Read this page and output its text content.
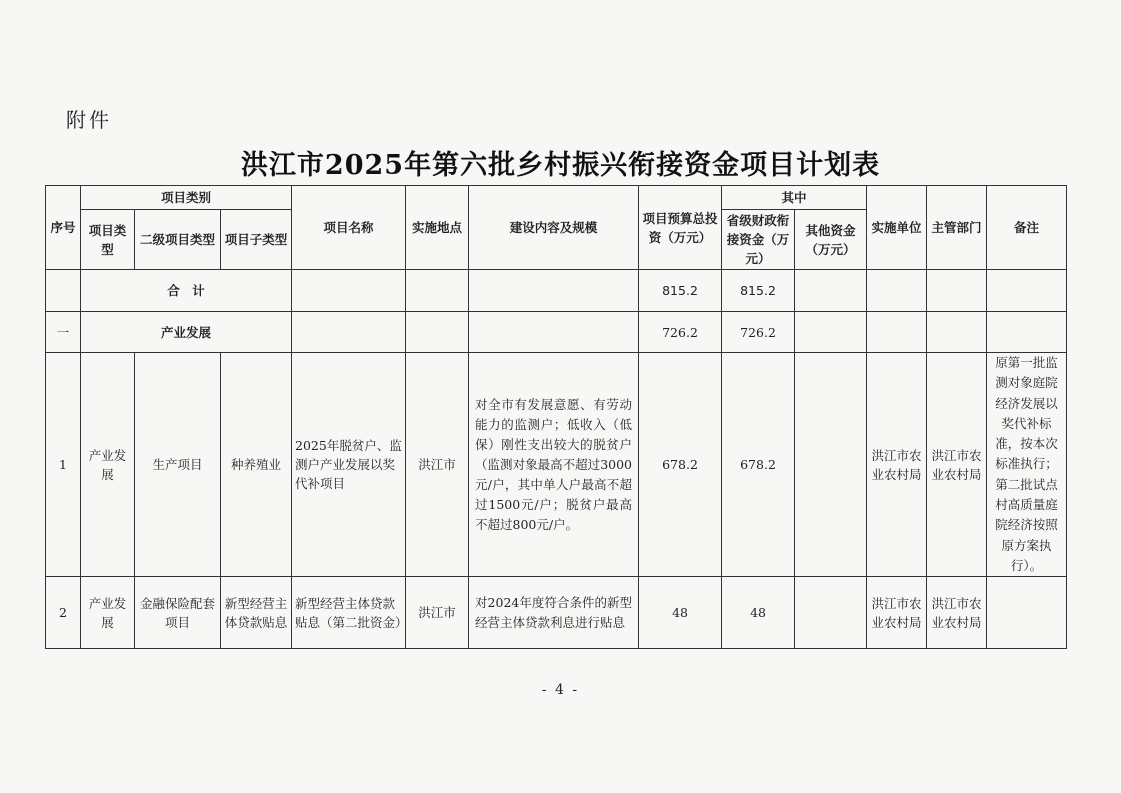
附件
洪江市2025年第六批乡村振兴衔接资金项目计划表
序号	项目类别			项目名称	实施地点	建设内容及规模	项目预算总投资（万元）	其中		实施单位	主管部门	备注
	项目类型	二级项目类型	项目子类型					省级财政衔接资金（万元）	其他资金（万元）			
	合　计						815.2	815.2				
一	产业发展						726.2	726.2				
1	产业发展	生产项目	种养殖业	2025年脱贫户、监测户产业发展以奖代补项目	洪江市	对全市有发展意愿、有劳动能力的监测户；低收入（低保）刚性支出较大的脱贫户（监测对象最高不超过3000元/户，其中单人户最高不超过1500元/户；脱贫户最高不超过800元/户。	678.2	678.2		洪江市农业农村局	洪江市农业农村局	原第一批监测对象庭院经济发展以奖代补标准，按本次标准执行；第二批试点村高质量庭院经济按照原方案执行）。
2	产业发展	金融保险配套项目	新型经营主体贷款贴息	新型经营主体贷款贴息（第二批资金）	洪江市	对2024年度符合条件的新型经营主体贷款利息进行贴息	48	48		洪江市农业农村局	洪江市农业农村局	
- 4 -
